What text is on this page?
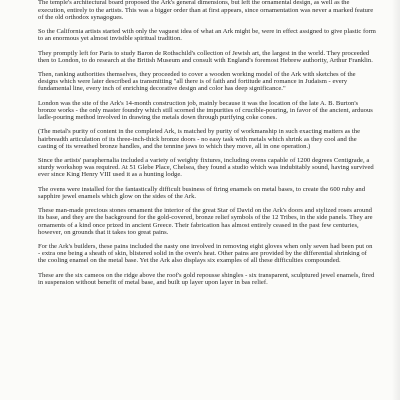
The temple's architectural board proposed the Ark's general dimensions, but left the ornamental design, as well as the execution, entirely to the artists. This was a bigger order than at first appears, since ornamentation was never a marked feature of the old orthodox synagogues.

So the California artists started with only the vaguest idea of what an Ark might be, were in effect assigned to give plastic form to an enormous yet almost invisible spiritual tradition.

They promptly left for Paris to study Baron de Rothschild's collection of Jewish art, the largest in the world. They proceeded then to London, to do research at the British Museum and consult with England's foremost Hebrew authority, Arthur Franklin.

Then, ranking authorities themselves, they proceeded to cover a wooden working model of the Ark with sketches of the designs which were later described as transmitting "all there is of faith and fortitude and romance in Judaism - every fundamental line, every inch of enriching decorative design and color has deep significance."

London was the site of the Ark's 14-month construction job, mainly because it was the location of the late A. B. Burton's bronze works - the only master foundry which still scorned the impurities of crucible-pouring, in favor of the ancient, arduous ladle-pouring method involved in drawing the metals down through purifying coke cones.

(The metal's purity of content in the completed Ark, is matched by purity of workmanship in such exacting matters as the hairbreadth articulation of its three-inch-thick bronze doors - no easy task with metals which shrink as they cool and the casting of its wreathed bronze handles, and the tennine jaws to which they move, all in one operation.)

Since the artists' paraphernalia included a variety of weighty fixtures, including ovens capable of 1200 degrees Centigrade, a sturdy workshop was required. At 51 Glebe Place, Chelsea, they found a studio which was indubitably sound, having survived ever since King Henry VIII used it as a hunting lodge.

The ovens were installed for the fantastically difficult business of firing enamels on metal bases, to create the 600 ruby and sapphire jewel enamels which glow on the sides of the Ark.

These man-made precious stones ornament the interior of the great Star of David on the Ark's doors and stylized roses around its base, and they are the background for the gold-covered, bronze relief symbols of the 12 Tribes, in the side panels. They are ornaments of a kind once prized in ancient Greece. Their fabrication has almost entirely ceased in the past few centuries, however, on grounds that it takes too great pains.

For the Ark's builders, these pains included the nasty one involved in removing eight gloves when only seven had been put on - extra one being a sheath of skin, blistered solid in the oven's heat. Other pains are provided by the differential shrinking of the cooling enamel on the metal base. Yet the Ark also displays six examples of all these difficulties compounded.

These are the six cameos on the ridge above the roof's gold repousse shingles - six transparent, sculptured jewel enamels, fired in suspension without benefit of metal base, and built up layer upon layer in bas relief.
